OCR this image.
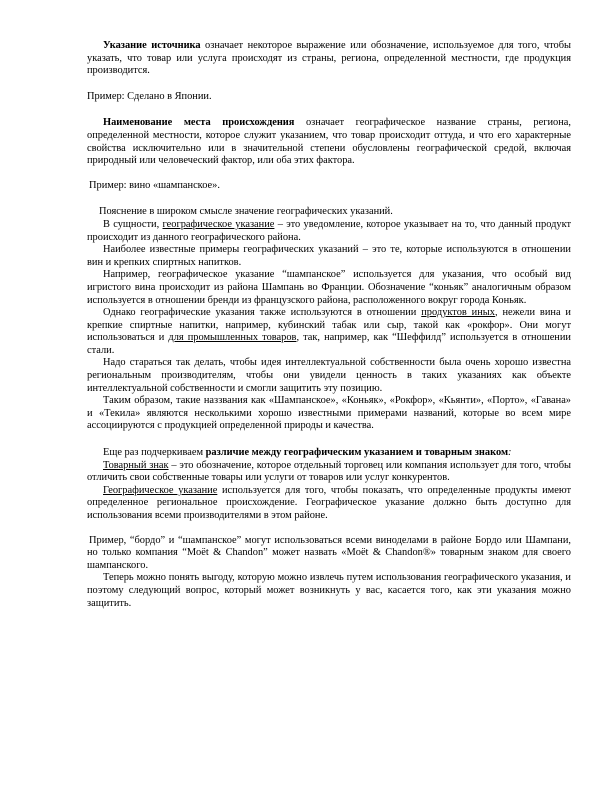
Указание источника означает некоторое выражение или обозначение, используемое для того, чтобы указать, что товар или услуга происходят из страны, региона, определенной местности, где продукция производится.

Пример: Сделано в Японии.

Наименование места происхождения означает географическое название страны, региона, определенной местности, которое служит указанием, что товар происходит оттуда, и что его характерные свойства исключительно или в значительной степени обусловлены географической средой, включая природный или человеческий фактор, или оба этих фактора.

Пример: вино «шампанское».

Пояснение в широком смысле значение географических указаний.

В сущности, географическое указание – это уведомление, которое указывает на то, что данный продукт происходит из данного географического района.

Наиболее известные примеры географических указаний – это те, которые используются в отношении вин и крепких спиртных напитков.

Например, географическое указание “шампанское” используется для указания, что особый вид игристого вина происходит из района Шампань во Франции. Обозначение “коньяк” аналогичным образом используется в отношении бренди из французского района, расположенного вокруг города Коньяк.

Однако географические указания также используются в отношении продуктов иных, нежели вина и крепкие спиртные напитки, например, кубинский табак или сыр, такой как «рокфор». Они могут использоваться и для промышленных товаров, так, например, как “Шеффилд” используется в отношении стали.

Надо стараться так делать, чтобы идея интеллектуальной собственности была очень хорошо известна региональным производителям, чтобы они увидели ценность в таких указаниях как объекте интеллектуальной собственности и смогли защитить эту позицию.

Таким образом, такие наззвания как «Шампанское», «Коньяк», «Рокфор», «Кьянти», «Порто», «Гавана» и «Текила» являются несколькими хорошо известными примерами названий, которые во всем мире ассоциируются с продукцией определенной природы и качества.

Еще раз подчеркиваем различие между географическим указанием и товарным знаком:

Товарный знак – это обозначение, которое отдельный торговец или компания использует для того, чтобы отличить свои собственные товары или услуги от товаров или услуг конкурентов.

Географическое указание используется для того, чтобы показать, что определенные продукты имеют определенное региональное происхождение. Географическое указание должно быть доступно для использования всеми производителями в этом районе.

Пример, “бордо” и “шампанское” могут использоваться всеми виноделами в районе Бордо или Шампани, но только компания “Moёt & Chandon” может назвать «Moёt & Chandon®» товарным знаком для своего шампанского.

Теперь можно понять выгоду, которую можно извлечь путем использования географического указания, и поэтому следующий вопрос, который может возникнуть у вас, касается того, как эти указания можно защитить.
